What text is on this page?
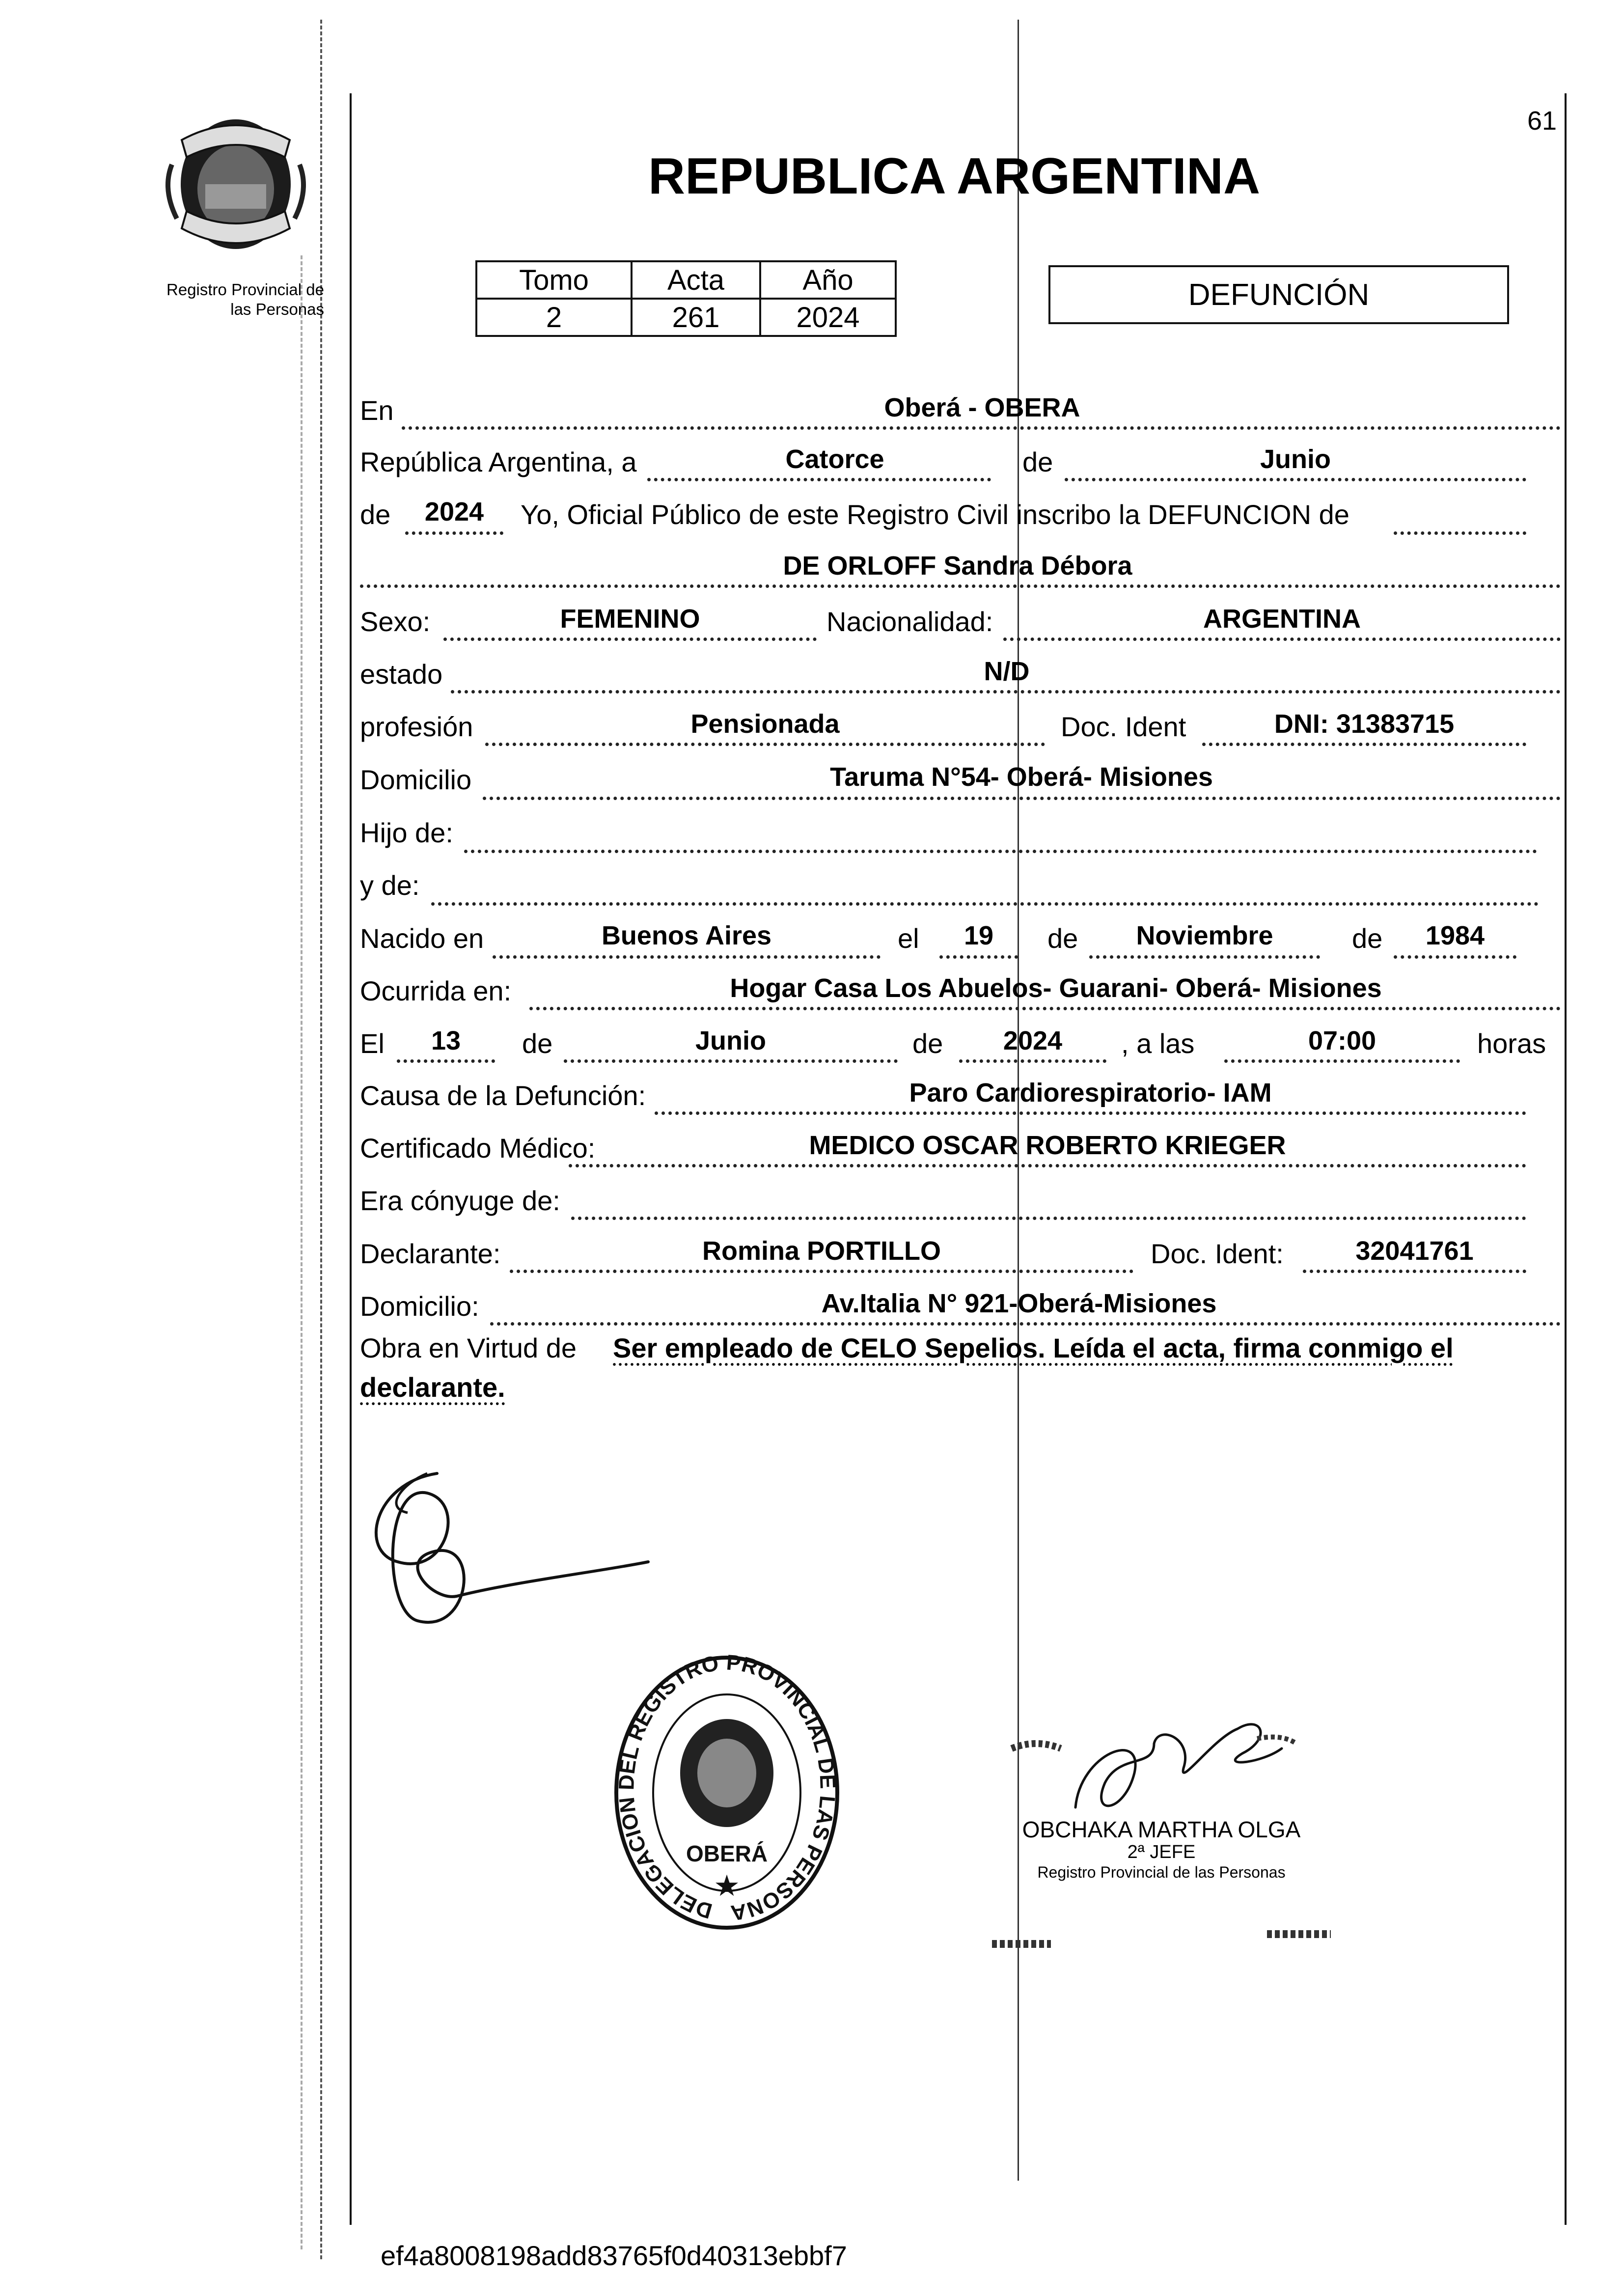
61
Registro Provincial de
las Personas
REPUBLICA ARGENTINA
Tomo	Acta	Año
2	261	2024
DEFUNCIÓN
En	Oberá - OBERA
República Argentina, a	Catorce	de	Junio
de	2024	Yo, Oficial Público de este Registro Civil inscribo la DEFUNCION de
DE ORLOFF Sandra Débora
Sexo:	FEMENINO	Nacionalidad:	ARGENTINA
estado	N/D
profesión	Pensionada	Doc. Ident	DNI: 31383715
Domicilio	Taruma N°54- Oberá- Misiones
Hijo de:
y de:
Nacido en	Buenos Aires	el	19	de	Noviembre	de	1984
Ocurrida en:	Hogar Casa Los Abuelos- Guarani- Oberá- Misiones
El	13	de	Junio	de	2024	, a las	07:00	horas
Causa de la Defunción:	Paro Cardiorespiratorio- IAM
Certificado Médico:	MEDICO OSCAR ROBERTO KRIEGER
Era cónyuge de:
Declarante:	Romina PORTILLO	Doc. Ident:	32041761
Domicilio:	Av.Italia N° 921-Oberá-Misiones
Obra en Virtud de Ser empleado de CELO Sepelios. Leída el acta, firma conmigo el
declarante.
DELEGACION DEL REGISTRO PROVINCIAL DE LAS PERSONA
OBERÁ
★
OBCHAKA MARTHA OLGA
2ª JEFE
Registro Provincial de las Personas
ef4a8008198add83765f0d40313ebbf7
